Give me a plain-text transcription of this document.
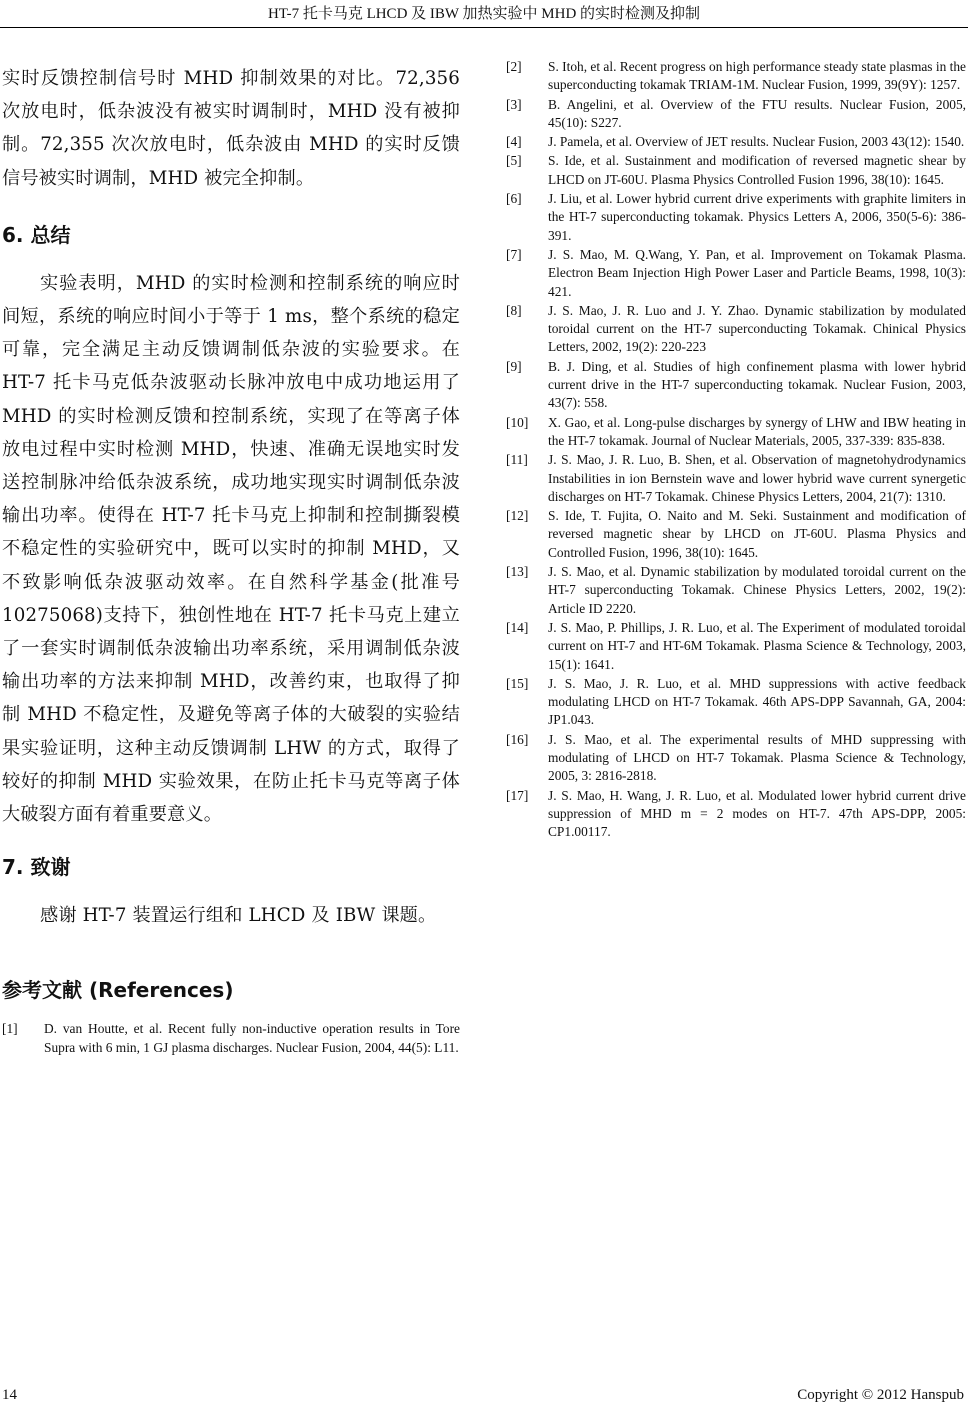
HT-7 托卡马克 LHCD 及 IBW 加热实验中 MHD 的实时检测及抑制

实时反馈控制信号时 MHD 抑制效果的对比。72,356 次放电时，低杂波没有被实时调制时，MHD 没有被抑制。72,355 次次放电时，低杂波由 MHD 的实时反馈信号被实时调制，MHD 被完全抑制。

6. 总结

实验表明，MHD 的实时检测和控制系统的响应时间短，系统的响应时间小于等于 1 ms，整个系统的稳定可靠，完全满足主动反馈调制低杂波的实验要求。在 HT-7 托卡马克低杂波驱动长脉冲放电中成功地运用了 MHD 的实时检测反馈和控制系统，实现了在等离子体放电过程中实时检测 MHD，快速、准确无误地实时发送控制脉冲给低杂波系统，成功地实现实时调制低杂波输出功率。使得在 HT-7 托卡马克上抑制和控制撕裂模不稳定性的实验研究中，既可以实时的抑制 MHD，又不致影响低杂波驱动效率。在自然科学基金(批准号 10275068)支持下，独创性地在 HT-7 托卡马克上建立了一套实时调制低杂波输出功率系统，采用调制低杂波输出功率的方法来抑制 MHD，改善约束，也取得了抑制 MHD 不稳定性，及避免等离子体的大破裂的实验结果实验证明，这种主动反馈调制 LHW 的方式，取得了较好的抑制 MHD 实验效果，在防止托卡马克等离子体大破裂方面有着重要意义。

7. 致谢

感谢 HT-7 装置运行组和 LHCD 及 IBW 课题。

参考文献 (References)
[1] D. van Houtte, et al. Recent fully non-inductive operation results in Tore Supra with 6 min, 1 GJ plasma discharges. Nuclear Fusion, 2004, 44(5): L11.
[2] S. Itoh, et al. Recent progress on high performance steady state plasmas in the superconducting tokamak TRIAM-1M. Nuclear Fusion, 1999, 39(9Y): 1257.
[3] B. Angelini, et al. Overview of the FTU results. Nuclear Fusion, 2005, 45(10): S227.
[4] J. Pamela, et al. Overview of JET results. Nuclear Fusion, 2003 43(12): 1540.
[5] S. Ide, et al. Sustainment and modification of reversed magnetic shear by LHCD on JT-60U. Plasma Physics Controlled Fusion 1996, 38(10): 1645.
[6] J. Liu, et al. Lower hybrid current drive experiments with graphite limiters in the HT-7 superconducting tokamak. Physics Letters A, 2006, 350(5-6): 386-391.
[7] J. S. Mao, M. Q.Wang, Y. Pan, et al. Improvement on Tokamak Plasma. Electron Beam Injection High Power Laser and Particle Beams, 1998, 10(3): 421.
[8] J. S. Mao, J. R. Luo and J. Y. Zhao. Dynamic stabilization by modulated toroidal current on the HT-7 superconducting Tokamak. Chinical Physics Letters, 2002, 19(2): 220-223
[9] B. J. Ding, et al. Studies of high confinement plasma with lower hybrid current drive in the HT-7 superconducting tokamak. Nuclear Fusion, 2003, 43(7): 558.
[10] X. Gao, et al. Long-pulse discharges by synergy of LHW and IBW heating in the HT-7 tokamak. Journal of Nuclear Materials, 2005, 337-339: 835-838.
[11] J. S. Mao, J. R. Luo, B. Shen, et al. Observation of magnetohydrodynamics Instabilities in ion Bernstein wave and lower hybrid wave current synergetic discharges on HT-7 Tokamak. Chinese Physics Letters, 2004, 21(7): 1310.
[12] S. Ide, T. Fujita, O. Naito and M. Seki. Sustainment and modification of reversed magnetic shear by LHCD on JT-60U. Plasma Physics and Controlled Fusion, 1996, 38(10): 1645.
[13] J. S. Mao, et al. Dynamic stabilization by modulated toroidal current on the HT-7 superconducting Tokamak. Chinese Physics Letters, 2002, 19(2): Article ID 2220.
[14] J. S. Mao, P. Phillips, J. R. Luo, et al. The Experiment of modulated toroidal current on HT-7 and HT-6M Tokamak. Plasma Science & Technology, 2003, 15(1): 1641.
[15] J. S. Mao, J. R. Luo, et al. MHD suppressions with active feedback modulating LHCD on HT-7 Tokamak. 46th APS-DPP Savannah, GA, 2004: JP1.043.
[16] J. S. Mao, et al. The experimental results of MHD suppressing with modulating of LHCD on HT-7 Tokamak. Plasma Science & Technology, 2005, 3: 2816-2818.
[17] J. S. Mao, H. Wang, J. R. Luo, et al. Modulated lower hybrid current drive suppression of MHD m = 2 modes on HT-7. 47th APS-DPP, 2005: CP1.00117.
14	Copyright © 2012 Hanspub
